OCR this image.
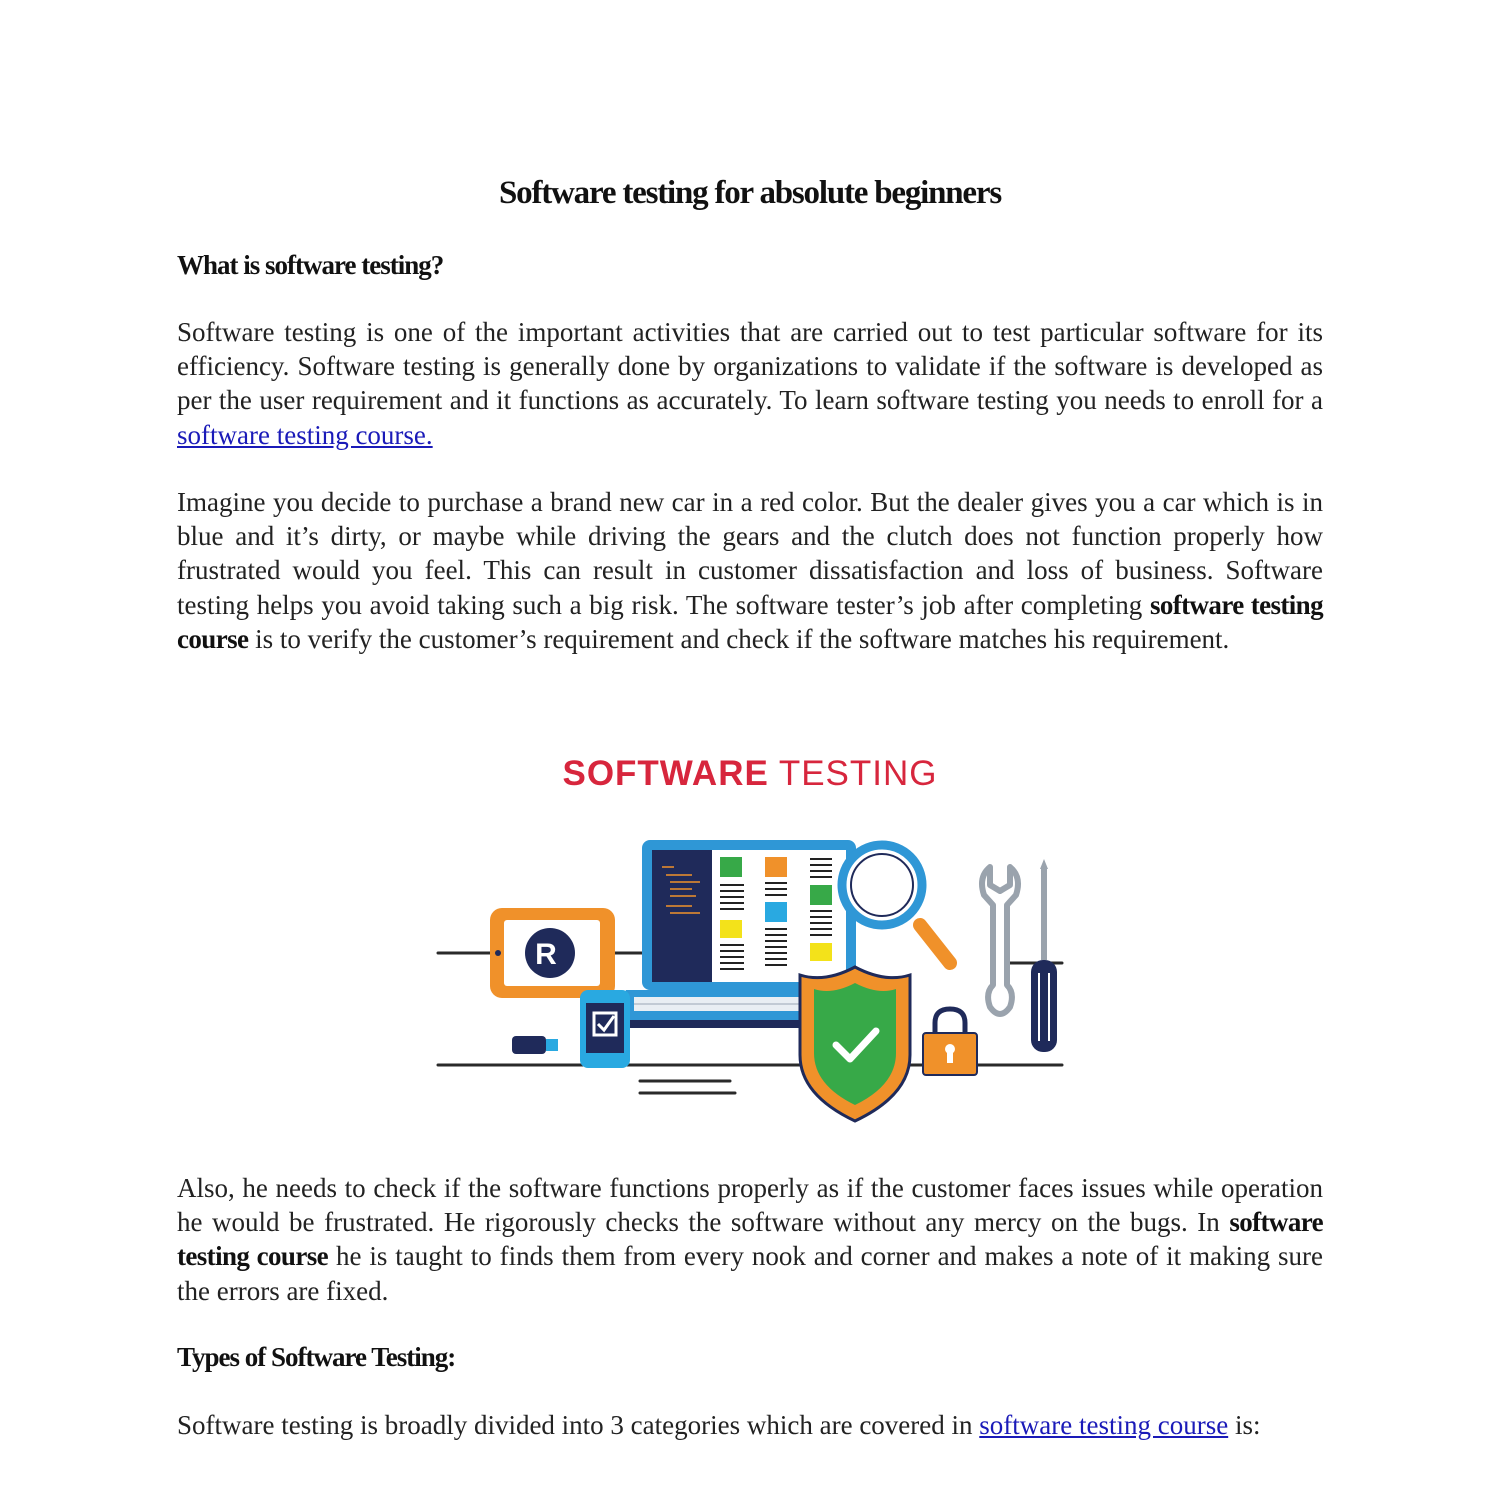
Software testing for absolute beginners
What is software testing?

Software testing is one of the important activities that are carried out to test particular software for its efficiency. Software testing is generally done by organizations to validate if the software is developed as per the user requirement and it functions as accurately. To learn software testing you needs to enroll for a software testing course.

Imagine you decide to purchase a brand new car in a red color. But the dealer gives you a car which is in blue and it’s dirty, or maybe while driving the gears and the clutch does not function properly how frustrated would you feel. This can result in customer dissatisfaction and loss of business. Software testing helps you avoid taking such a big risk. The software tester’s job after completing software testing course is to verify the customer’s requirement and check if the software matches his requirement.

SOFTWARE TESTING
R

Also, he needs to check if the software functions properly as if the customer faces issues while operation he would be frustrated. He rigorously checks the software without any mercy on the bugs. In software testing course he is taught to finds them from every nook and corner and makes a note of it making sure the errors are fixed.

Types of Software Testing:

Software testing is broadly divided into 3 categories which are covered in software testing course is:
